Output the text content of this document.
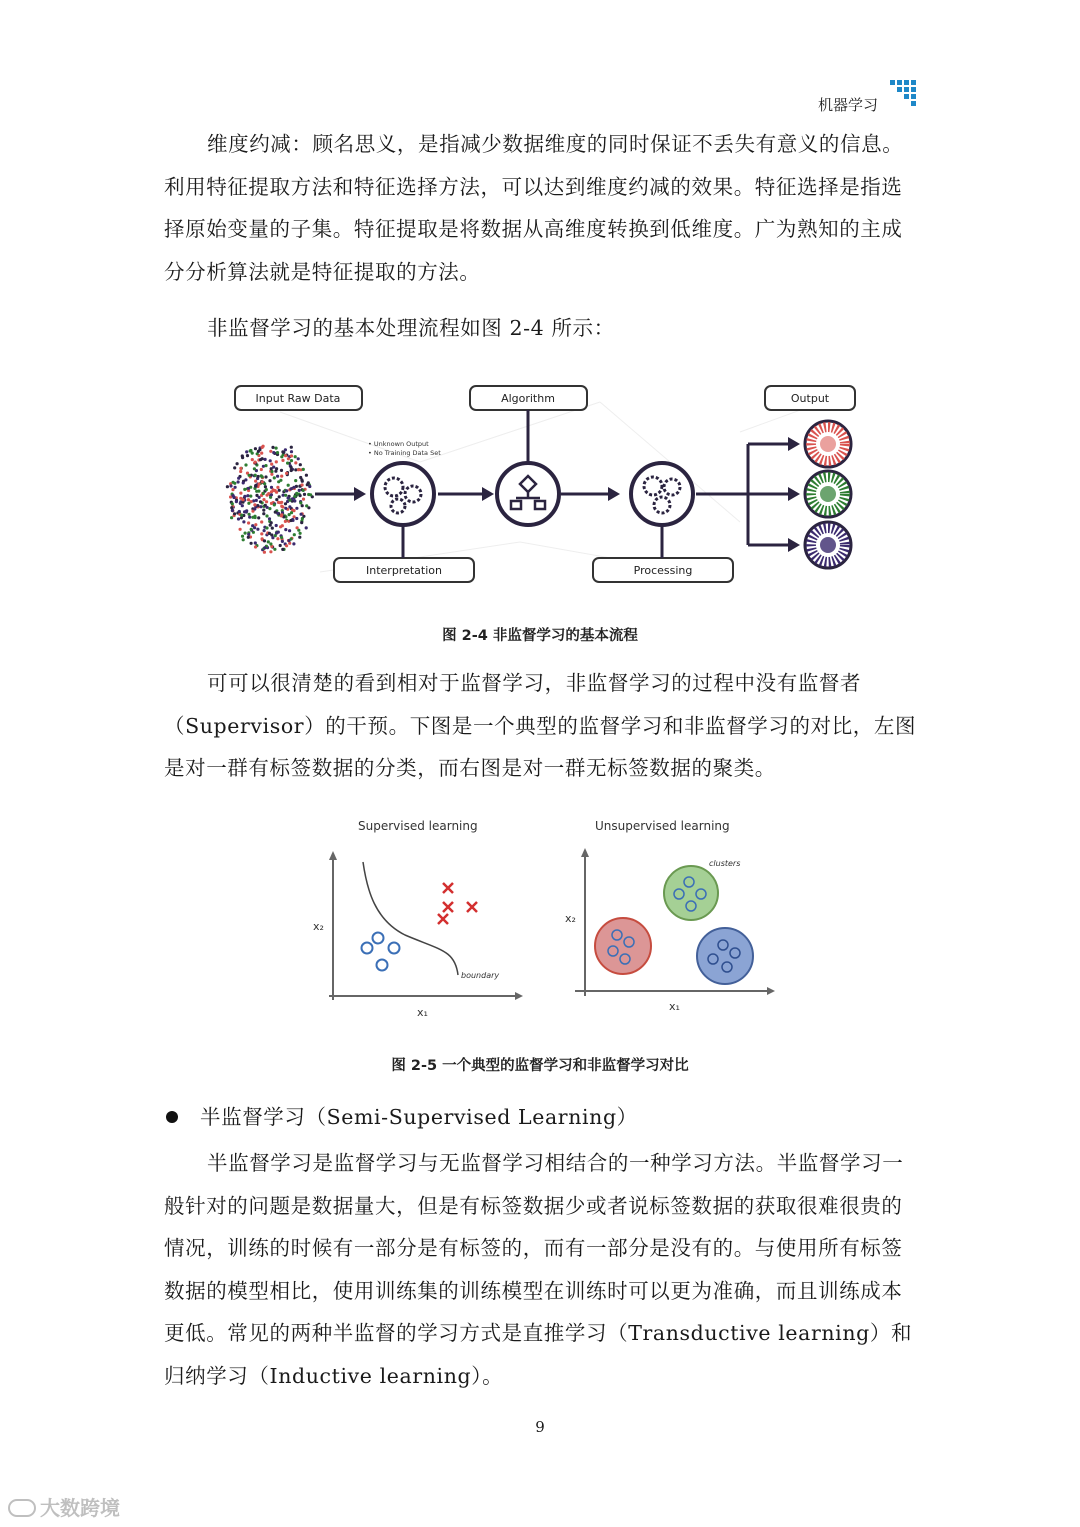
机器学习
维度约减：顾名思义，是指减少数据维度的同时保证不丢失有意义的信息。利用特征提取方法和特征选择方法，可以达到维度约减的效果。特征选择是指选择原始变量的子集。特征提取是将数据从高维度转换到低维度。广为熟知的主成分分析算法就是特征提取的方法。
非监督学习的基本处理流程如图 2-4 所示：
Input Raw Data	Algorithm	Output
Interpretation	Processing
• Unknown Output
• No Training Data Set
图 2-4 非监督学习的基本流程
可可以很清楚的看到相对于监督学习，非监督学习的过程中没有监督者（Supervisor）的干预。下图是一个典型的监督学习和非监督学习的对比，左图是对一群有标签数据的分类，而右图是对一群无标签数据的聚类。
Supervised learning
x₂
x₁
boundary
Unsupervised learning
x₂
x₁
clusters
图 2-5 一个典型的监督学习和非监督学习对比
半监督学习（Semi-Supervised Learning）
半监督学习是监督学习与无监督学习相结合的一种学习方法。半监督学习一般针对的问题是数据量大，但是有标签数据少或者说标签数据的获取很难很贵的情况，训练的时候有一部分是有标签的，而有一部分是没有的。与使用所有标签数据的模型相比，使用训练集的训练模型在训练时可以更为准确，而且训练成本更低。常见的两种半监督的学习方式是直推学习（Transductive learning）和归纳学习（Inductive learning）。
9
大数跨境
